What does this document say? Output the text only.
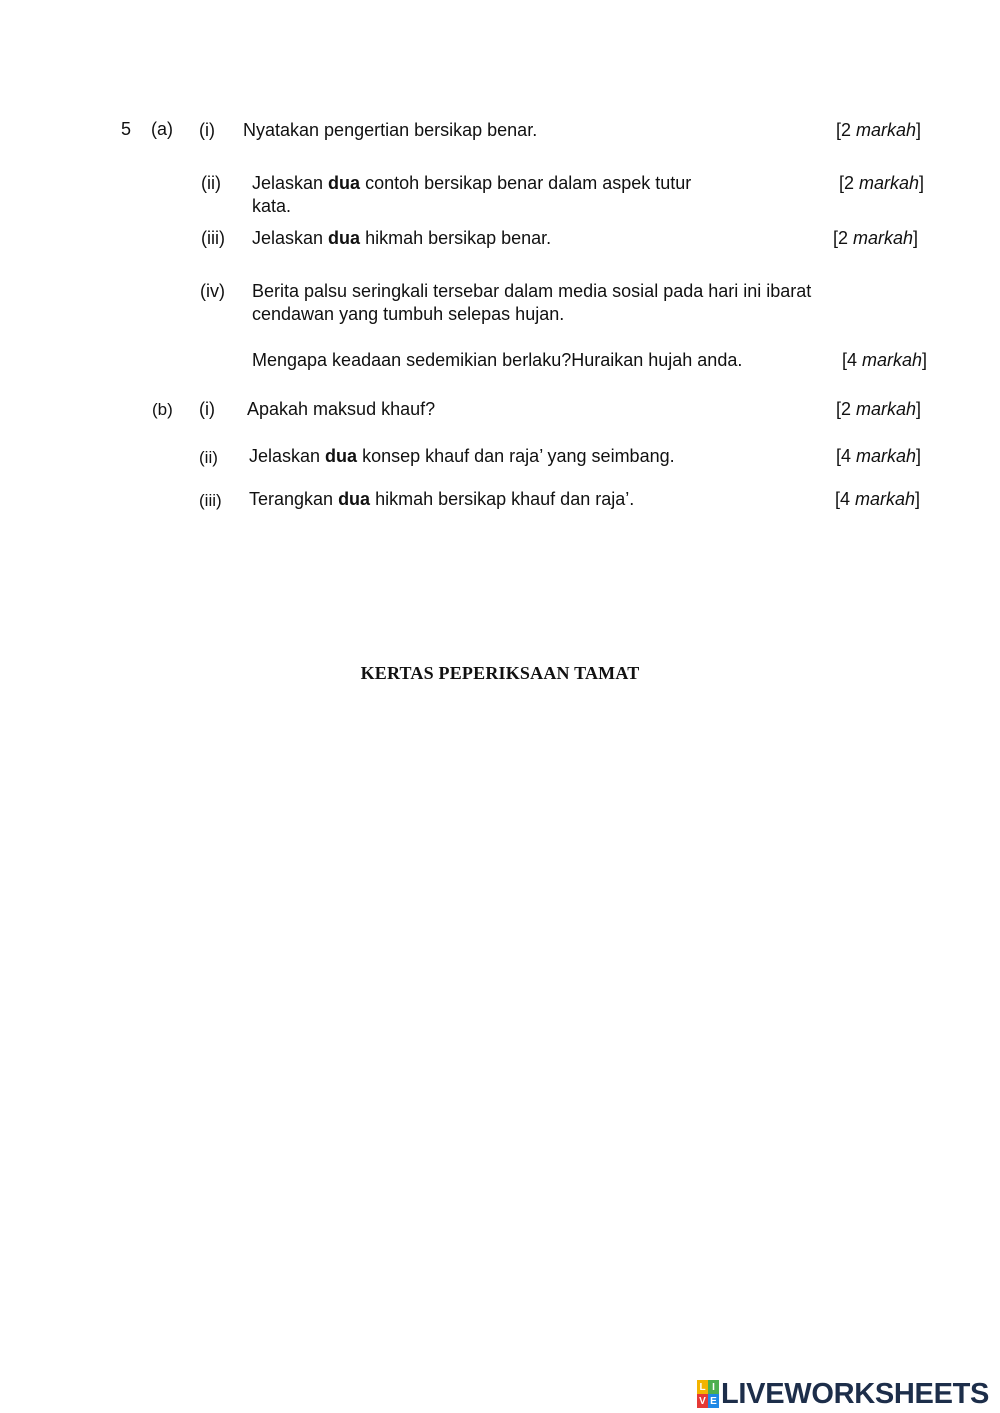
5 (a) (i) Nyatakan pengertian bersikap benar.	[2 markah]
(ii) Jelaskan dua contoh bersikap benar dalam aspek tutur
kata.
[2 markah]
(iii) Jelaskan dua hikmah bersikap benar.	[2 markah]
(iv) Berita palsu seringkali tersebar dalam media sosial pada hari ini ibarat
cendawan yang tumbuh selepas hujan.
Mengapa keadaan sedemikian berlaku?Huraikan hujah anda.	[4 markah]
(b) (i) Apakah maksud khauf?	[2 markah]
(ii) Jelaskan dua konsep khauf dan raja’ yang seimbang.	[4 markah]
(iii) Terangkan dua hikmah bersikap khauf dan raja’.	[4 markah]
KERTAS PEPERIKSAAN TAMAT
L I
V E LIVEWORKSHEETS
